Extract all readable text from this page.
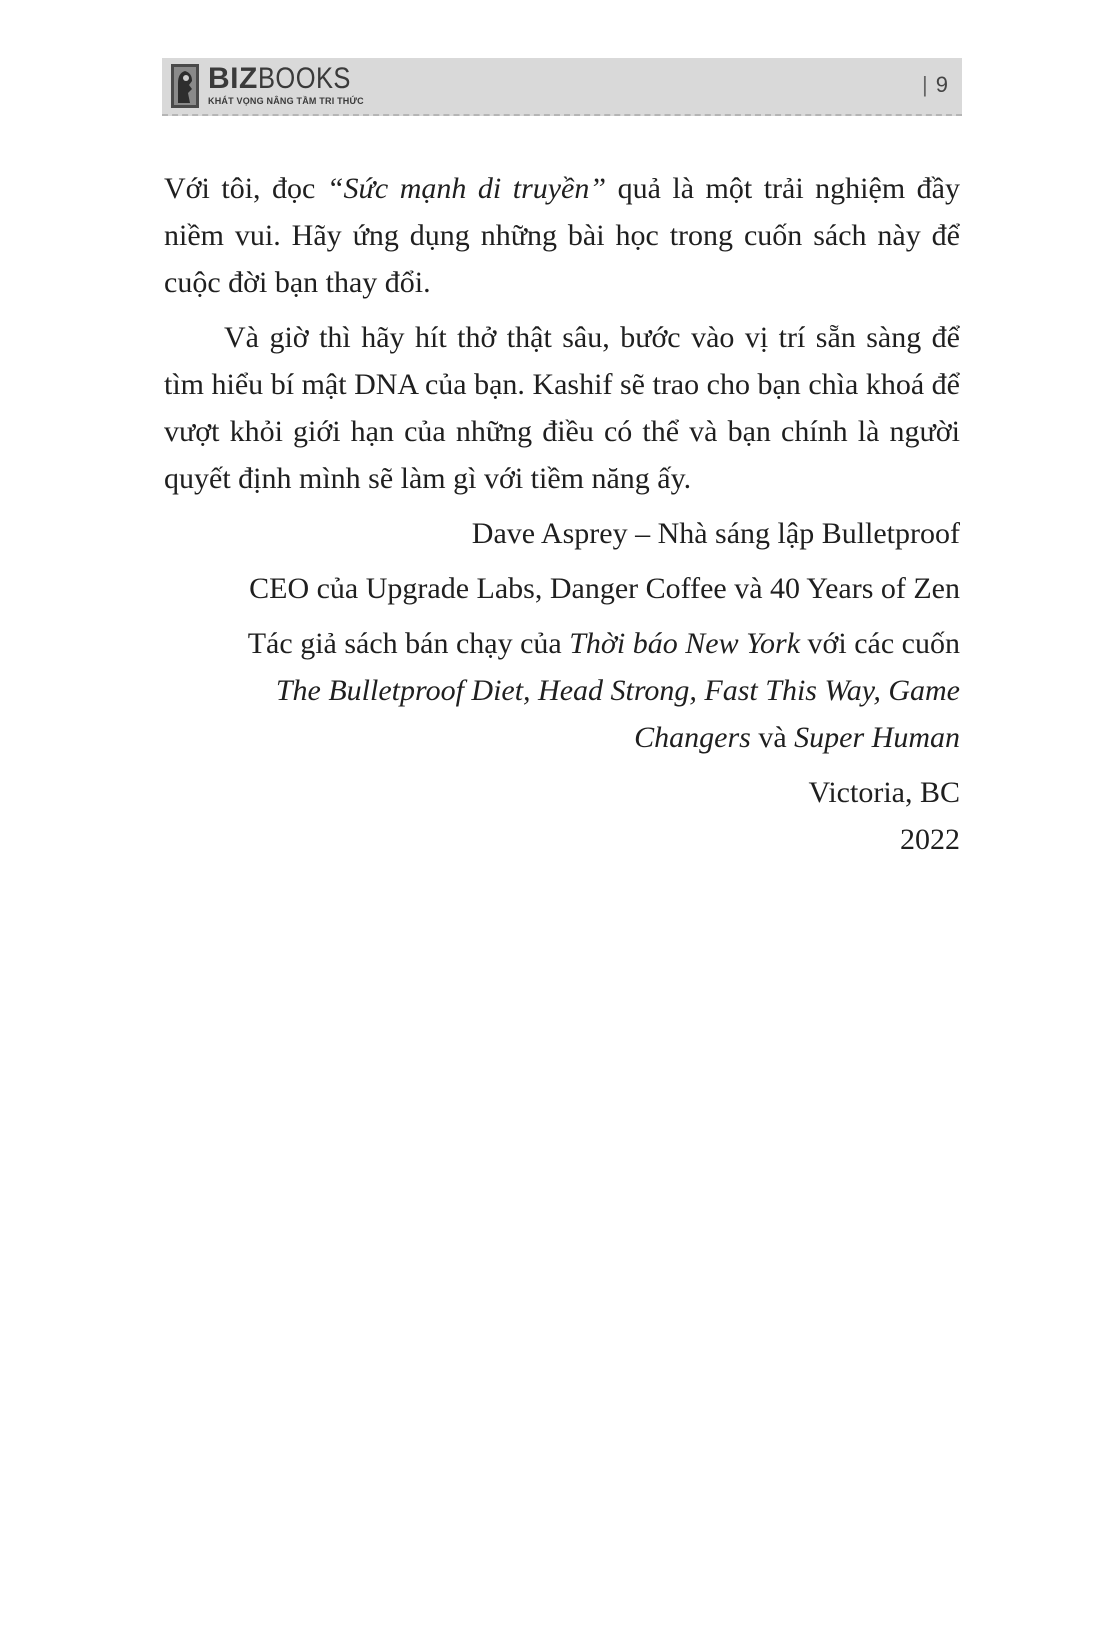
BIZBOOKS
KHÁT VỌNG NÂNG TẦM TRI THỨC
| 9

Với tôi, đọc “Sức mạnh di truyền” quả là một trải nghiệm đầy niềm vui. Hãy ứng dụng những bài học trong cuốn sách này để cuộc đời bạn thay đổi.

Và giờ thì hãy hít thở thật sâu, bước vào vị trí sẵn sàng để tìm hiểu bí mật DNA của bạn. Kashif sẽ trao cho bạn chìa khoá để vượt khỏi giới hạn của những điều có thể và bạn chính là người quyết định mình sẽ làm gì với tiềm năng ấy.

Dave Asprey – Nhà sáng lập Bulletproof
CEO của Upgrade Labs, Danger Coffee và 40 Years of Zen
Tác giả sách bán chạy của Thời báo New York với các cuốn
The Bulletproof Diet, Head Strong, Fast This Way, Game
Changers và Super Human
Victoria, BC
2022
